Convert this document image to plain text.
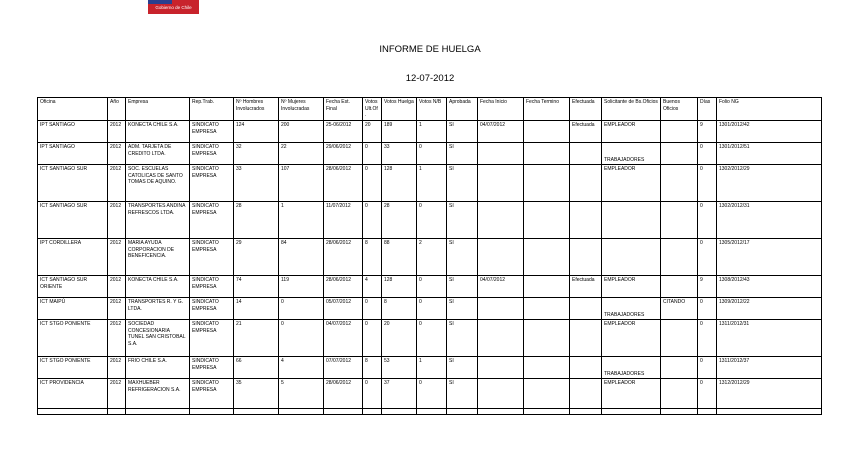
Gobierno de Chile
INFORME DE HUELGA
12-07-2012
Oficina	Año	Empresa	Rep.Trab.	Nº Hombres Involucrados	Nº Mujeres Involucradas	Fecha Est. Final	Votos Ult.Of.	Votos Huelga	Votos N/B	Aprobada	Fecha Inicio	Fecha Termino	Efectuada	Solicitante de Bs.Oficios	Buenos Oficios	Días	Folio NG
IPT SANTIAGO	2012	KONECTA CHILE S.A.	SINDICATO EMPRESA	124	200	25-06/2012	20	189	1	SI	04/07/2012		Efectuada	EMPLEADOR		9	1301/2012/42
IPT SANTIAGO	2012	ADM. TARJETA DE CREDITO LTDA.	SINDICATO EMPRESA	32	22	29/06/2012	0	33	0	SI				TRABAJADORES		0	1301/2012/51
ICT SANTIAGO SUR	2012	SOC. ESCUELAS CATOLICAS DE SANTO TOMAS DE AQUINO.	SINDICATO EMPRESA	33	107	28/06/2012	0	128	1	SI				EMPLEADOR		0	1302/2012/29
ICT SANTIAGO SUR	2012	TRANSPORTES ANDINA REFRESCOS LTDA.	SINDICATO EMPRESA	28	1	11/07/2012	0	28	0	SI						0	1302/2012/31
IPT CORDILLERA	2012	MARIA AYUDA CORPORACION DE BENEFICENCIA.	SINDICATO EMPRESA	29	84	28/06/2012	8	88	2	SI						0	1305/2012/17
ICT SANTIAGO SUR ORIENTE	2012	KONECTA CHILE S.A.	SINDICATO EMPRESA	74	119	28/06/2012	4	128	0	SI	04/07/2012		Efectuada	EMPLEADOR		9	1308/2012/43
ICT MAIPÚ	2012	TRANSPORTES R. Y G. LTDA.	SINDICATO EMPRESA	14	0	05/07/2012	0	8	0	SI				TRABAJADORES	CITANDO	0	1309/2012/22
ICT STGO PONIENTE	2012	SOCIEDAD CONCESIONARIA TUNEL SAN CRISTOBAL S.A.	SINDICATO EMPRESA	21	0	04/07/2012	0	20	0	SI				EMPLEADOR		0	1311/2012/31
ICT STGO PONIENTE	2012	FRIO CHILE S.A.	SINDICATO EMPRESA	66	4	07/07/2012	8	53	1	SI				TRABAJADORES		0	1311/2012/37
ICT PROVIDENCIA	2012	MAXHUEBER REFRIGERACION S.A.	SINDICATO EMPRESA	35	5	28/06/2012	0	37	0	SI				EMPLEADOR		0	1312/2012/29
